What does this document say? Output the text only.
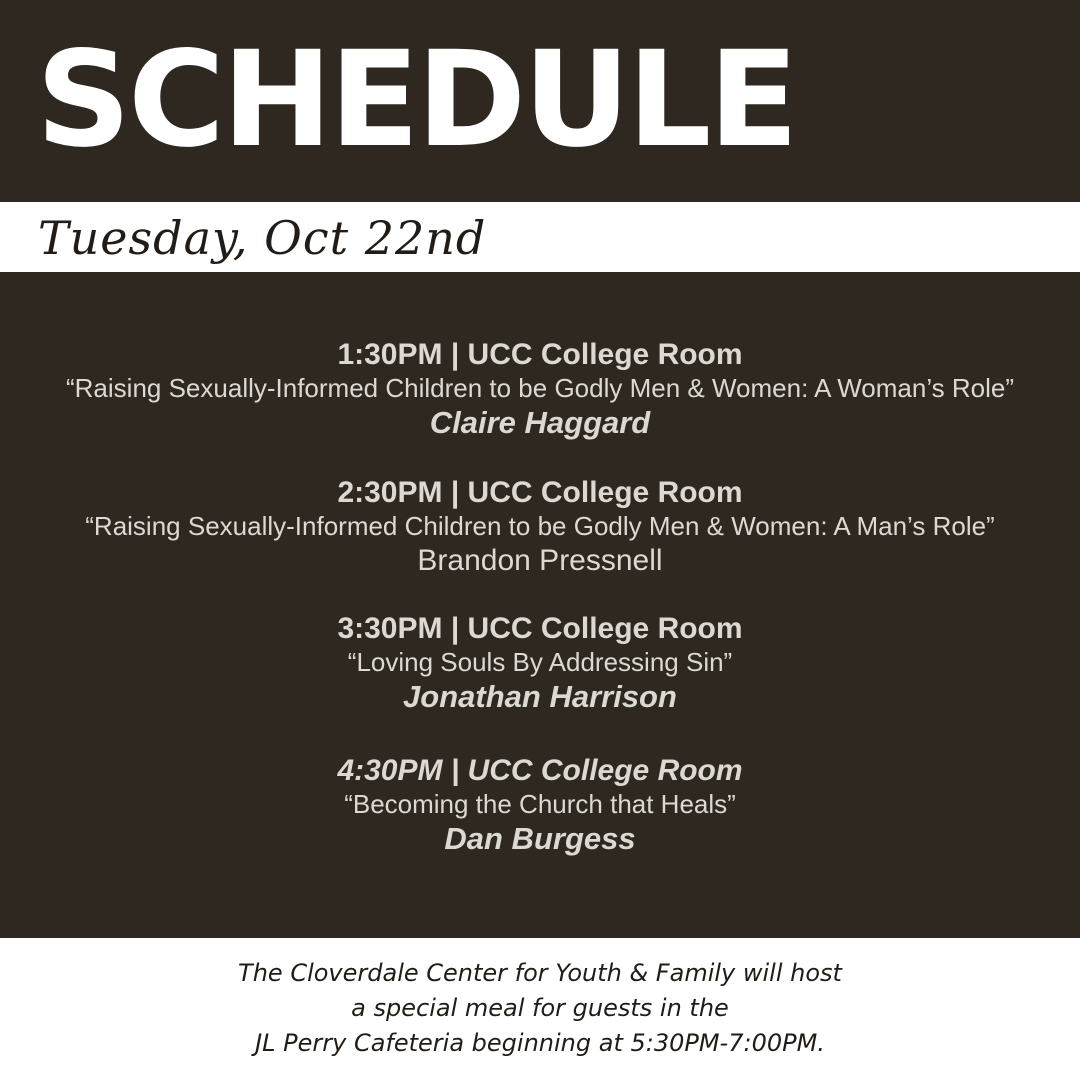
SCHEDULE
Tuesday, Oct 22nd
1:30PM | UCC College Room
“Raising Sexually-Informed Children to be Godly Men & Women: A Woman’s Role”
Claire Haggard
2:30PM | UCC College Room
“Raising Sexually-Informed Children to be Godly Men & Women: A Man’s Role”
Brandon Pressnell
3:30PM | UCC College Room
“Loving Souls By Addressing Sin”
Jonathan Harrison
4:30PM | UCC College Room
“Becoming the Church that Heals”
Dan Burgess
The Cloverdale Center for Youth & Family will host
a special meal for guests in the
JL Perry Cafeteria beginning at 5:30PM-7:00PM.
